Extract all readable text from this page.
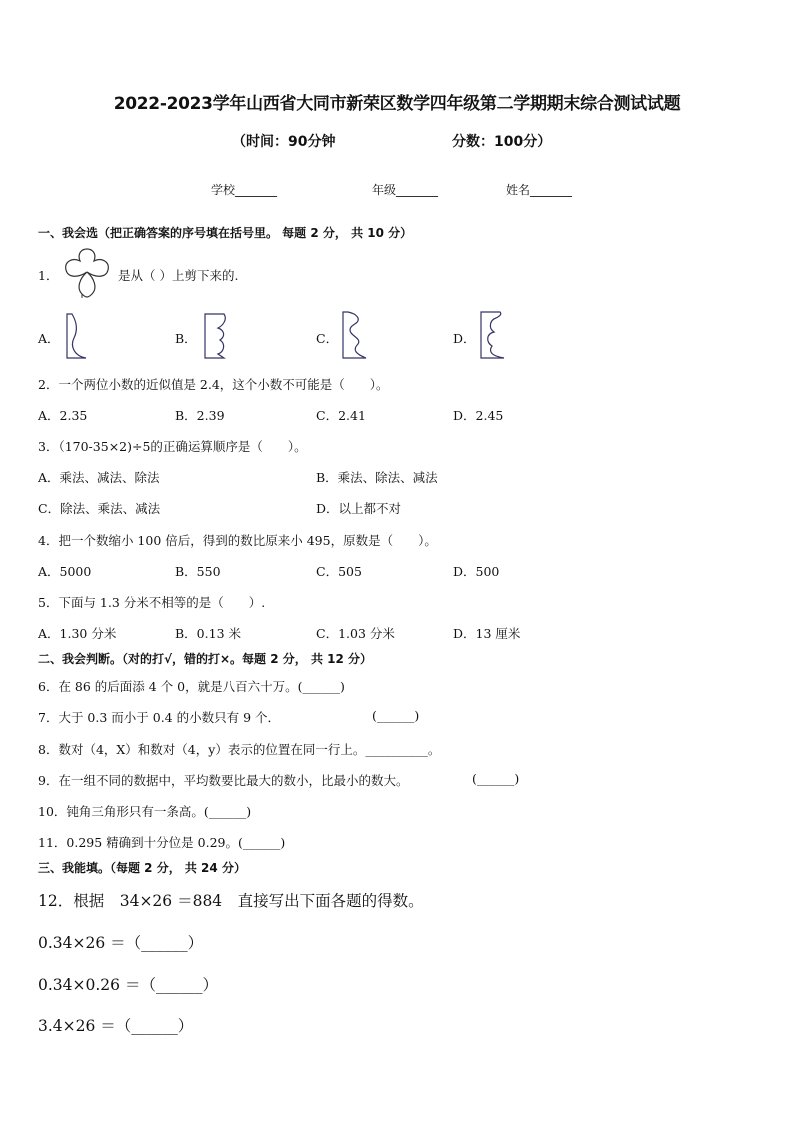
2022-2023学年山西省大同市新荣区数学四年级第二学期期末综合测试试题
（时间：90分钟	分数：100分）
学校_______	年级_______	姓名_______
一、我会选（把正确答案的序号填在括号里。 每题 2 分， 共 10 分）
1．	是从（ ）上剪下来的.
A．	B．	C．	D．
2．一个两位小数的近似值是 2.4，这个小数不可能是（　　）。
A．2.35	B．2.39	C．2.41	D．2.45
3．（170-35×2)÷5的正确运算顺序是（　　）。
A．乘法、减法、除法	B．乘法、除法、减法
C．除法、乘法、减法	D．以上都不对
4．把一个数缩小 100 倍后，得到的数比原来小 495，原数是（　　）。
A．5000	B．550	C．505	D．500
5．下面与 1.3 分米不相等的是（　　）.
A．1.30 分米	B．0.13 米	C．1.03 分米	D．13 厘米
二、我会判断。（对的打√，错的打×。每题 2 分， 共 12 分）
6．在 86 的后面添 4 个 0，就是八百六十万。(______)
7．大于 0.3 而小于 0.4 的小数只有 9 个．	(______)
8．数对（4，X）和数对（4，y）表示的位置在同一行上。__________。
9．在一组不同的数据中，平均数要比最大的数小，比最小的数大。	(______)
10．钝角三角形只有一条高。(______)
11．0.295 精确到十分位是 0.29。(______)
三、我能填。（每题 2 分， 共 24 分）
12．根据　34×26 ＝884　直接写出下面各题的得数。
0.34×26 ＝（______）
0.34×0.26 ＝（______）
3.4×26 ＝（______）
